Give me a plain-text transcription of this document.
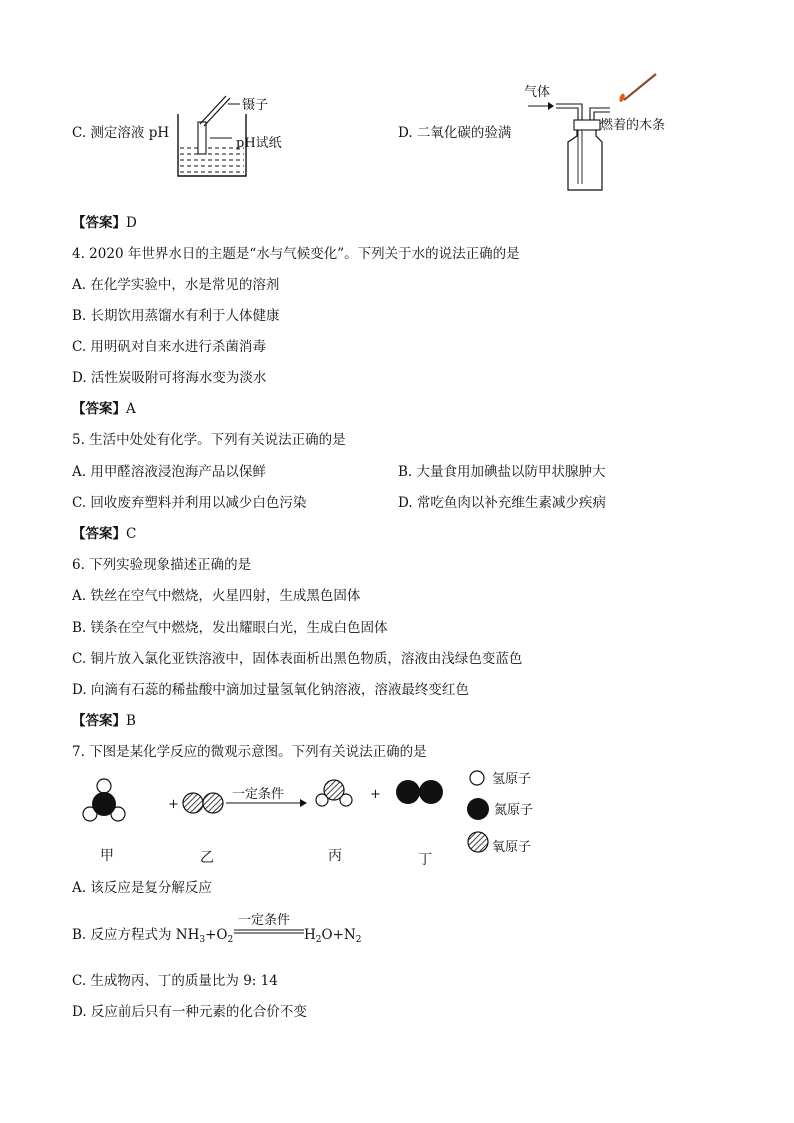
C. 测定溶液 pH
镊子
pH试纸
D. 二氧化碳的验满
气体
燃着的木条
【答案】D
4. 2020 年世界水日的主题是“水与气候变化”。下列关于水的说法正确的是
A. 在化学实验中，水是常见的溶剂
B. 长期饮用蒸馏水有利于人体健康
C. 用明矾对自来水进行杀菌消毒
D. 活性炭吸附可将海水变为淡水
【答案】A
5. 生活中处处有化学。下列有关说法正确的是
A. 用甲醛溶液浸泡海产品以保鲜	B. 大量食用加碘盐以防甲状腺肿大
C. 回收废弃塑料并利用以减少白色污染	D. 常吃鱼肉以补充维生素减少疾病
【答案】C
6. 下列实验现象描述正确的是
A. 铁丝在空气中燃烧，火星四射，生成黑色固体
B. 镁条在空气中燃烧，发出耀眼白光，生成白色固体
C. 铜片放入氯化亚铁溶液中，固体表面析出黑色物质，溶液由浅绿色变蓝色
D. 向滴有石蕊的稀盐酸中滴加过量氢氧化钠溶液，溶液最终变红色
【答案】B
7. 下图是某化学反应的微观示意图。下列有关说法正确的是
+
一定条件	+
甲	乙	丙	丁
氢原子
氮原子
氧原子
A. 该反应是复分解反应
B. 反应方程式为 $NH_3+O_2$
一定条件
$H_2O+N_2$
C. 生成物丙、丁的质量比为 9: 14
D. 反应前后只有一种元素的化合价不变
